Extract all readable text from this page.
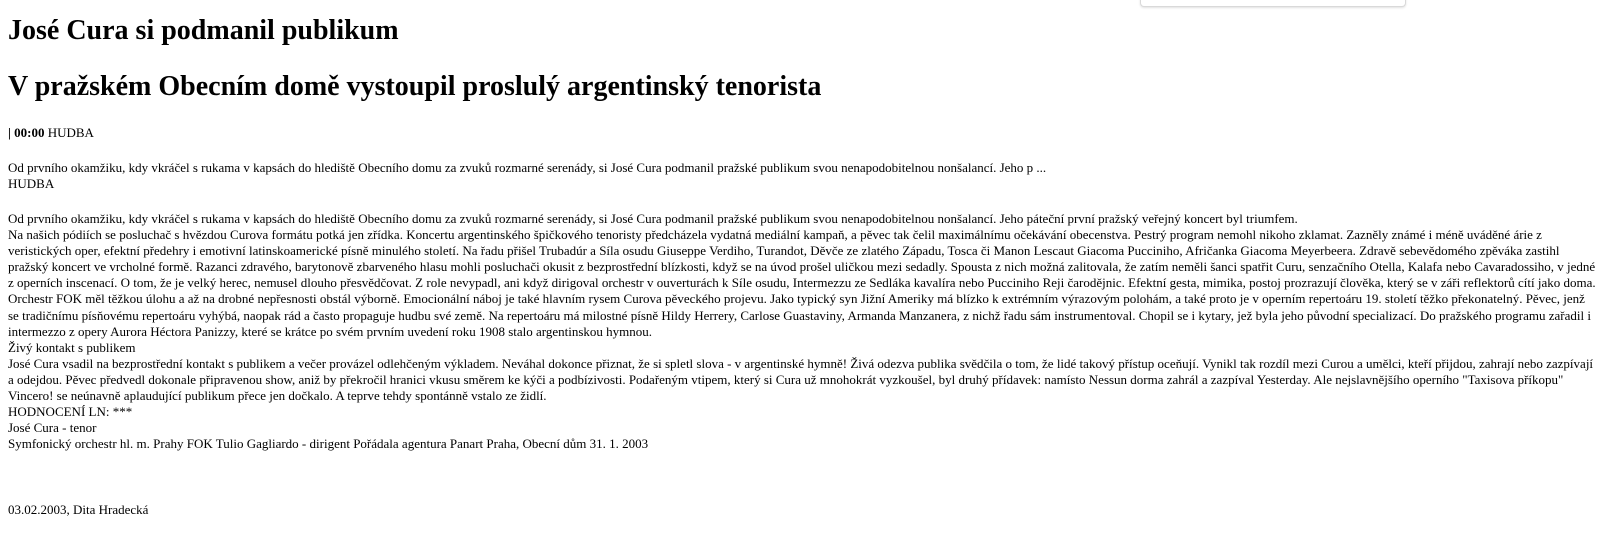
José Cura si podmanil publikum
V pražském Obecním domě vystoupil proslulý argentinský tenorista
| 00:00 HUDBA
Od prvního okamžiku, kdy vkráčel s rukama v kapsách do hlediště Obecního domu za zvuků rozmarné serenády, si José Cura podmanil pražské publikum svou nenapodobitelnou nonšalancí. Jeho p ...
HUDBA

Od prvního okamžiku, kdy vkráčel s rukama v kapsách do hlediště Obecního domu za zvuků rozmarné serenády, si José Cura podmanil pražské publikum svou nenapodobitelnou nonšalancí. Jeho páteční první pražský veřejný koncert byl triumfem.

Na našich pódiích se posluchač s hvězdou Curova formátu potká jen zřídka. Koncertu argentinského špičkového tenoristy předcházela vydatná mediální kampaň, a pěvec tak čelil maximálnímu očekávání obecenstva. Pestrý program nemohl nikoho zklamat. Zazněly známé i méně uváděné árie z veristických oper, efektní předehry i emotivní latinskoamerické písně minulého století. Na řadu přišel Trubadúr a Síla osudu Giuseppe Verdiho, Turandot, Děvče ze zlatého Západu, Tosca či Manon Lescaut Giacoma Pucciniho, Afričanka Giacoma Meyerbeera. Zdravě sebevědomého zpěváka zastihl pražský koncert ve vrcholné formě. Razanci zdravého, barytonově zbarveného hlasu mohli posluchači okusit z bezprostřední blízkosti, když se na úvod prošel uličkou mezi sedadly. Spousta z nich možná zalitovala, že zatím neměli šanci spatřit Curu, senzačního Otella, Kalafa nebo Cavaradossiho, v jedné z operních inscenací. O tom, že je velký herec, nemusel dlouho přesvědčovat. Z role nevypadl, ani když dirigoval orchestr v ouverturách k Síle osudu, Intermezzu ze Sedláka kavalíra nebo Pucciniho Reji čarodějnic. Efektní gesta, mimika, postoj prozrazují člověka, který se v záři reflektorů cítí jako doma. Orchestr FOK měl těžkou úlohu a až na drobné nepřesnosti obstál výborně. Emocionální náboj je také hlavním rysem Curova pěveckého projevu. Jako typický syn Jižní Ameriky má blízko k extrémním výrazovým polohám, a také proto je v operním repertoáru 19. století těžko překonatelný. Pěvec, jenž se tradičnímu písňovému repertoáru vyhýbá, naopak rád a často propaguje hudbu své země. Na repertoáru má milostné písně Hildy Herrery, Carlose Guastaviny, Armanda Manzanera, z nichž řadu sám instrumentoval. Chopil se i kytary, jež byla jeho původní specializací. Do pražského programu zařadil i intermezzo z opery Aurora Héctora Panizzy, které se krátce po svém prvním uvedení roku 1908 stalo argentinskou hymnou.

Živý kontakt s publikem

José Cura vsadil na bezprostřední kontakt s publikem a večer provázel odlehčeným výkladem. Neváhal dokonce přiznat, že si spletl slova - v argentinské hymně! Živá odezva publika svědčila o tom, že lidé takový přístup oceňují. Vynikl tak rozdíl mezi Curou a umělci, kteří přijdou, zahrají nebo zazpívají a odejdou. Pěvec předvedl dokonale připravenou show, aniž by překročil hranici vkusu směrem ke kýči a podbízivosti. Podařeným vtipem, který si Cura už mnohokrát vyzkoušel, byl druhý přídavek: namísto Nessun dorma zahrál a zazpíval Yesterday. Ale nejslavnějšího operního "Taxisova příkopu" Vincero! se neúnavně aplaudující publikum přece jen dočkalo. A teprve tehdy spontánně vstalo ze židlí.

HODNOCENÍ LN: ***

José Cura - tenor

Symfonický orchestr hl. m. Prahy FOK Tulio Gagliardo - dirigent Pořádala agentura Panart Praha, Obecní dům 31. 1. 2003

03.02.2003, Dita Hradecká
